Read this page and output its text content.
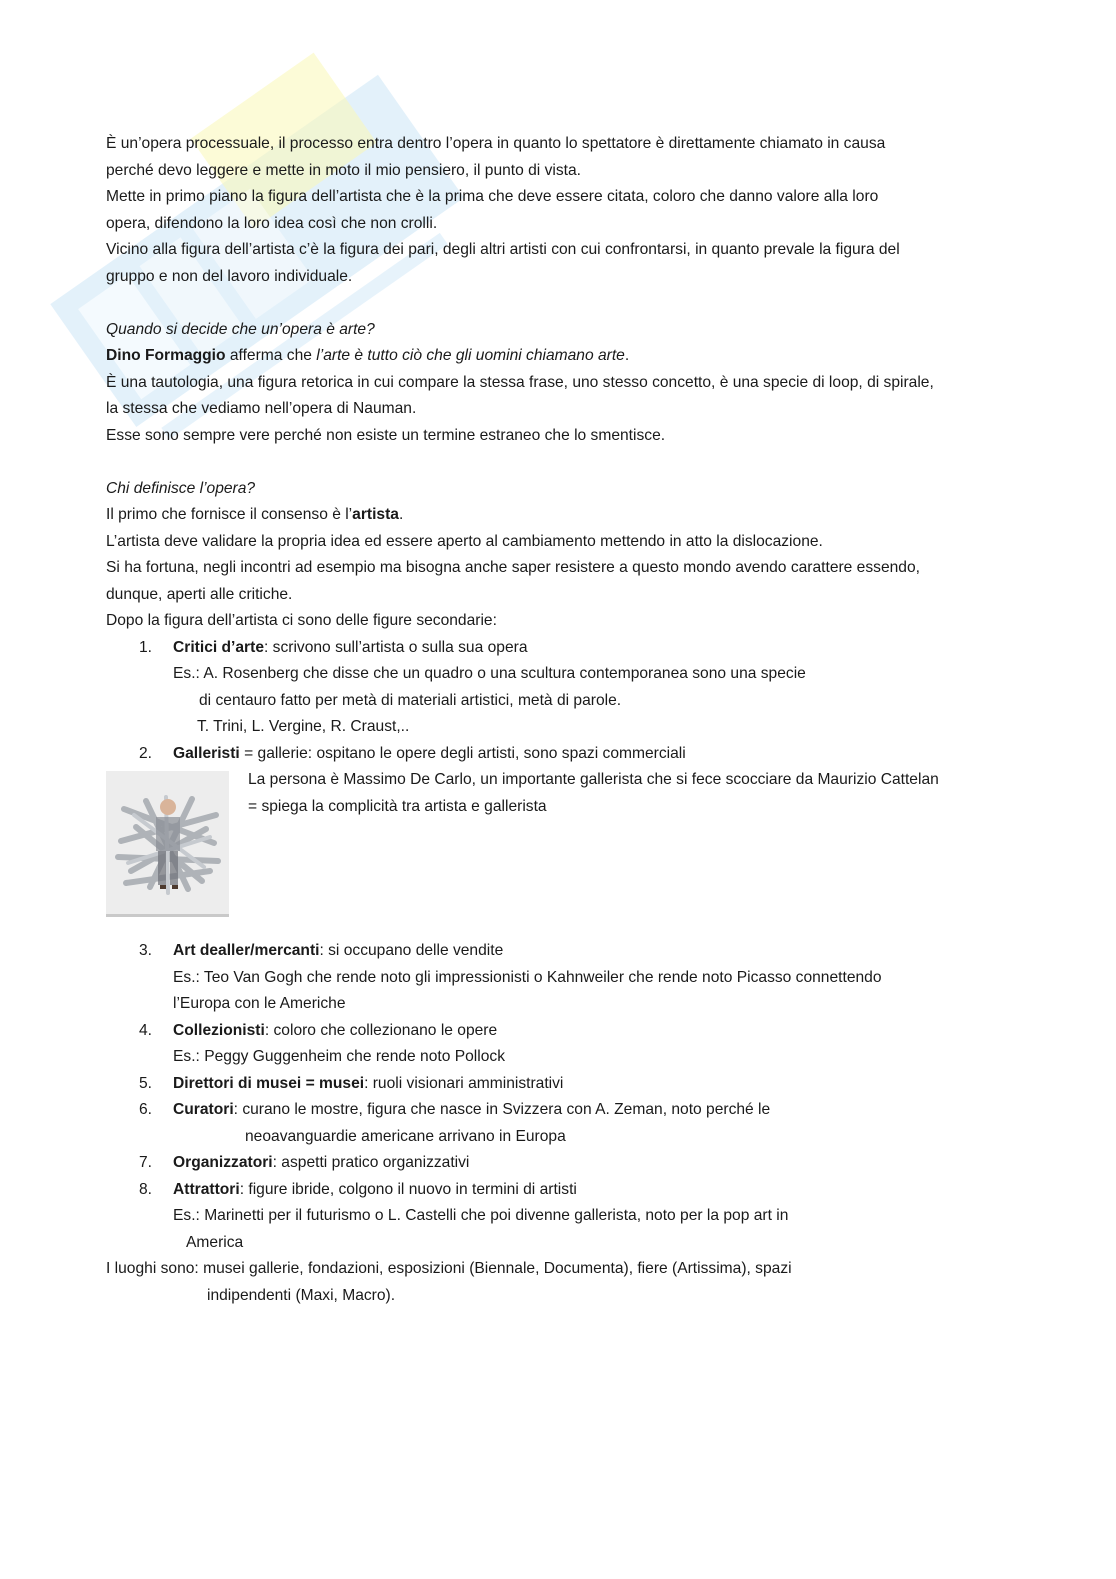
È un’opera processuale, il processo entra dentro l’opera in quanto lo spettatore è direttamente chiamato in causa

perché devo leggere e mette in moto il mio pensiero, il punto di vista.

Mette in primo piano la figura dell’artista che è la prima che deve essere citata, coloro che danno valore alla loro

opera, difendono la loro idea così che non crolli.

Vicino alla figura dell’artista c’è la figura dei pari, degli altri artisti con cui confrontarsi, in quanto prevale la figura del

gruppo e non del lavoro individuale.

Quando si decide che un’opera è arte?

Dino Formaggio afferma che l’arte è tutto ciò che gli uomini chiamano arte.

È una tautologia, una figura retorica in cui compare la stessa frase, uno stesso concetto, è una specie di loop, di spirale,

la stessa che vediamo nell’opera di Nauman.

Esse sono sempre vere perché non esiste un termine estraneo che lo smentisce.

Chi definisce l’opera?

Il primo che fornisce il consenso è l’artista.

L’artista deve validare la propria idea ed essere aperto al cambiamento mettendo in atto la dislocazione.

Si ha fortuna, negli incontri ad esempio ma bisogna anche saper resistere a questo mondo avendo carattere essendo,

dunque, aperti alle critiche.

Dopo la figura dell’artista ci sono delle figure secondarie:

1. Critici d’arte: scrivono sull’artista o sulla sua opera

Es.: A. Rosenberg che disse che un quadro o una scultura contemporanea sono una specie

di centauro fatto per metà di materiali artistici, metà di parole.

T. Trini, L. Vergine, R. Craust,..

2. Galleristi = gallerie: ospitano le opere degli artisti, sono spazi commerciali

La persona è Massimo De Carlo, un importante gallerista che si fece scocciare da Maurizio Cattelan

= spiega la complicità tra artista e gallerista

3. Art dealler/mercanti: si occupano delle vendite

Es.: Teo Van Gogh che rende noto gli impressionisti o Kahnweiler che rende noto Picasso connettendo

l’Europa con le Americhe

4. Collezionisti: coloro che collezionano le opere

Es.: Peggy Guggenheim che rende noto Pollock

5. Direttori di musei = musei: ruoli visionari amministrativi

6. Curatori: curano le mostre, figura che nasce in Svizzera con A. Zeman, noto perché le

neoavanguardie americane arrivano in Europa

7. Organizzatori: aspetti pratico organizzativi

8. Attrattori: figure ibride, colgono il nuovo in termini di artisti

Es.: Marinetti per il futurismo o L. Castelli che poi divenne gallerista, noto per la pop art in

America

I luoghi sono: musei gallerie, fondazioni, esposizioni (Biennale, Documenta), fiere (Artissima), spazi

indipendenti (Maxi, Macro).
